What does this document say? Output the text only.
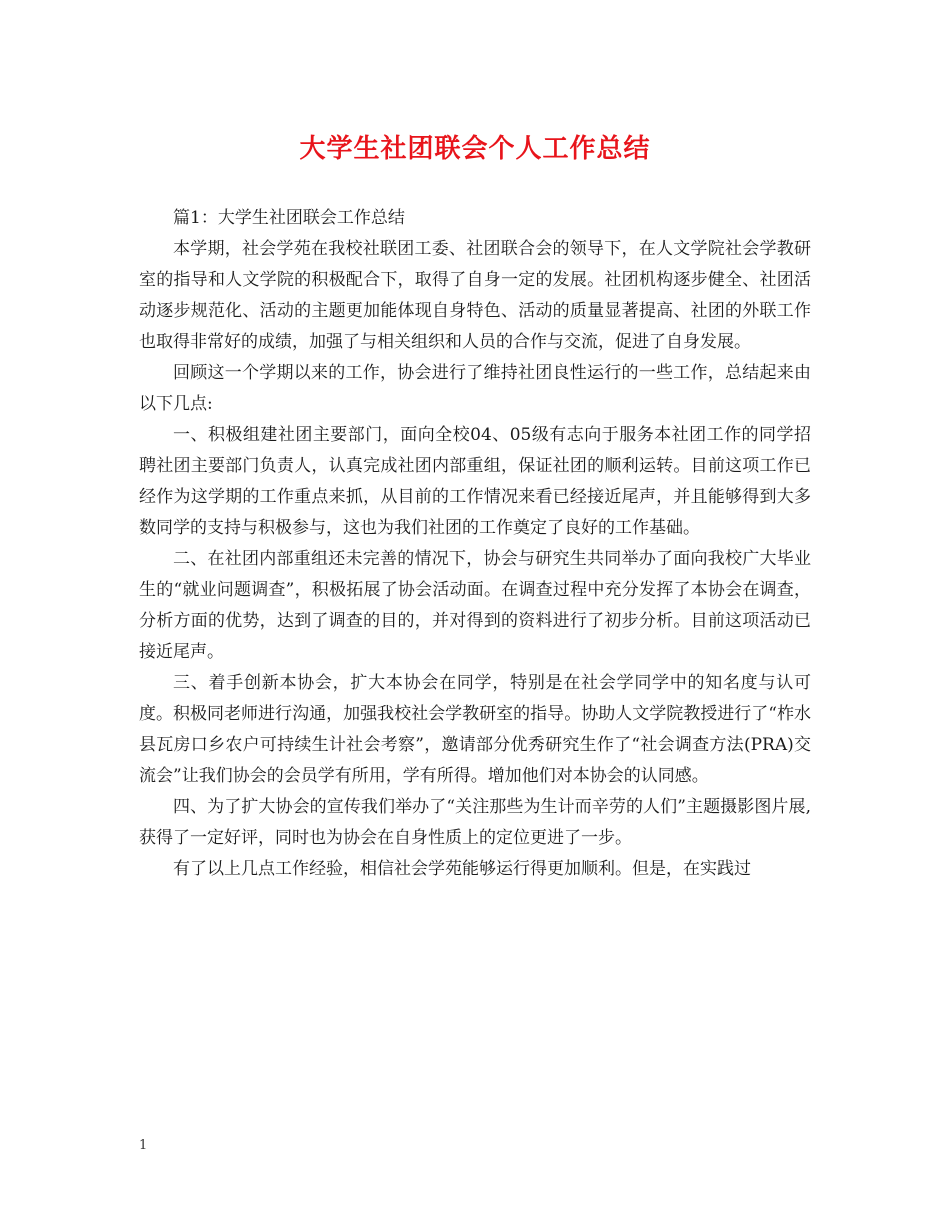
大学生社团联会个人工作总结

篇1：大学生社团联会工作总结

本学期，社会学苑在我校社联团工委、社团联合会的领导下，在人文学院社会学教研室的指导和人文学院的积极配合下，取得了自身一定的发展。社团机构逐步健全、社团活动逐步规范化、活动的主题更加能体现自身特色、活动的质量显著提高、社团的外联工作也取得非常好的成绩，加强了与相关组织和人员的合作与交流，促进了自身发展。

回顾这一个学期以来的工作，协会进行了维持社团良性运行的一些工作，总结起来由以下几点:

一、积极组建社团主要部门，面向全校04、05级有志向于服务本社团工作的同学招聘社团主要部门负责人，认真完成社团内部重组，保证社团的顺利运转。目前这项工作已经作为这学期的工作重点来抓，从目前的工作情况来看已经接近尾声，并且能够得到大多数同学的支持与积极参与，这也为我们社团的工作奠定了良好的工作基础。

二、在社团内部重组还未完善的情况下，协会与研究生共同举办了面向我校广大毕业生的“就业问题调查”，积极拓展了协会活动面。在调查过程中充分发挥了本协会在调查，分析方面的优势，达到了调查的目的，并对得到的资料进行了初步分析。目前这项活动已接近尾声。

三、着手创新本协会，扩大本协会在同学，特别是在社会学同学中的知名度与认可度。积极同老师进行沟通，加强我校社会学教研室的指导。协助人文学院教授进行了“柞水县瓦房口乡农户可持续生计社会考察”，邀请部分优秀研究生作了“社会调查方法(PRA)交流会”让我们协会的会员学有所用，学有所得。增加他们对本协会的认同感。

四、为了扩大协会的宣传我们举办了“关注那些为生计而辛劳的人们”主题摄影图片展,获得了一定好评，同时也为协会在自身性质上的定位更进了一步。

有了以上几点工作经验，相信社会学苑能够运行得更加顺利。但是，在实践过

1
